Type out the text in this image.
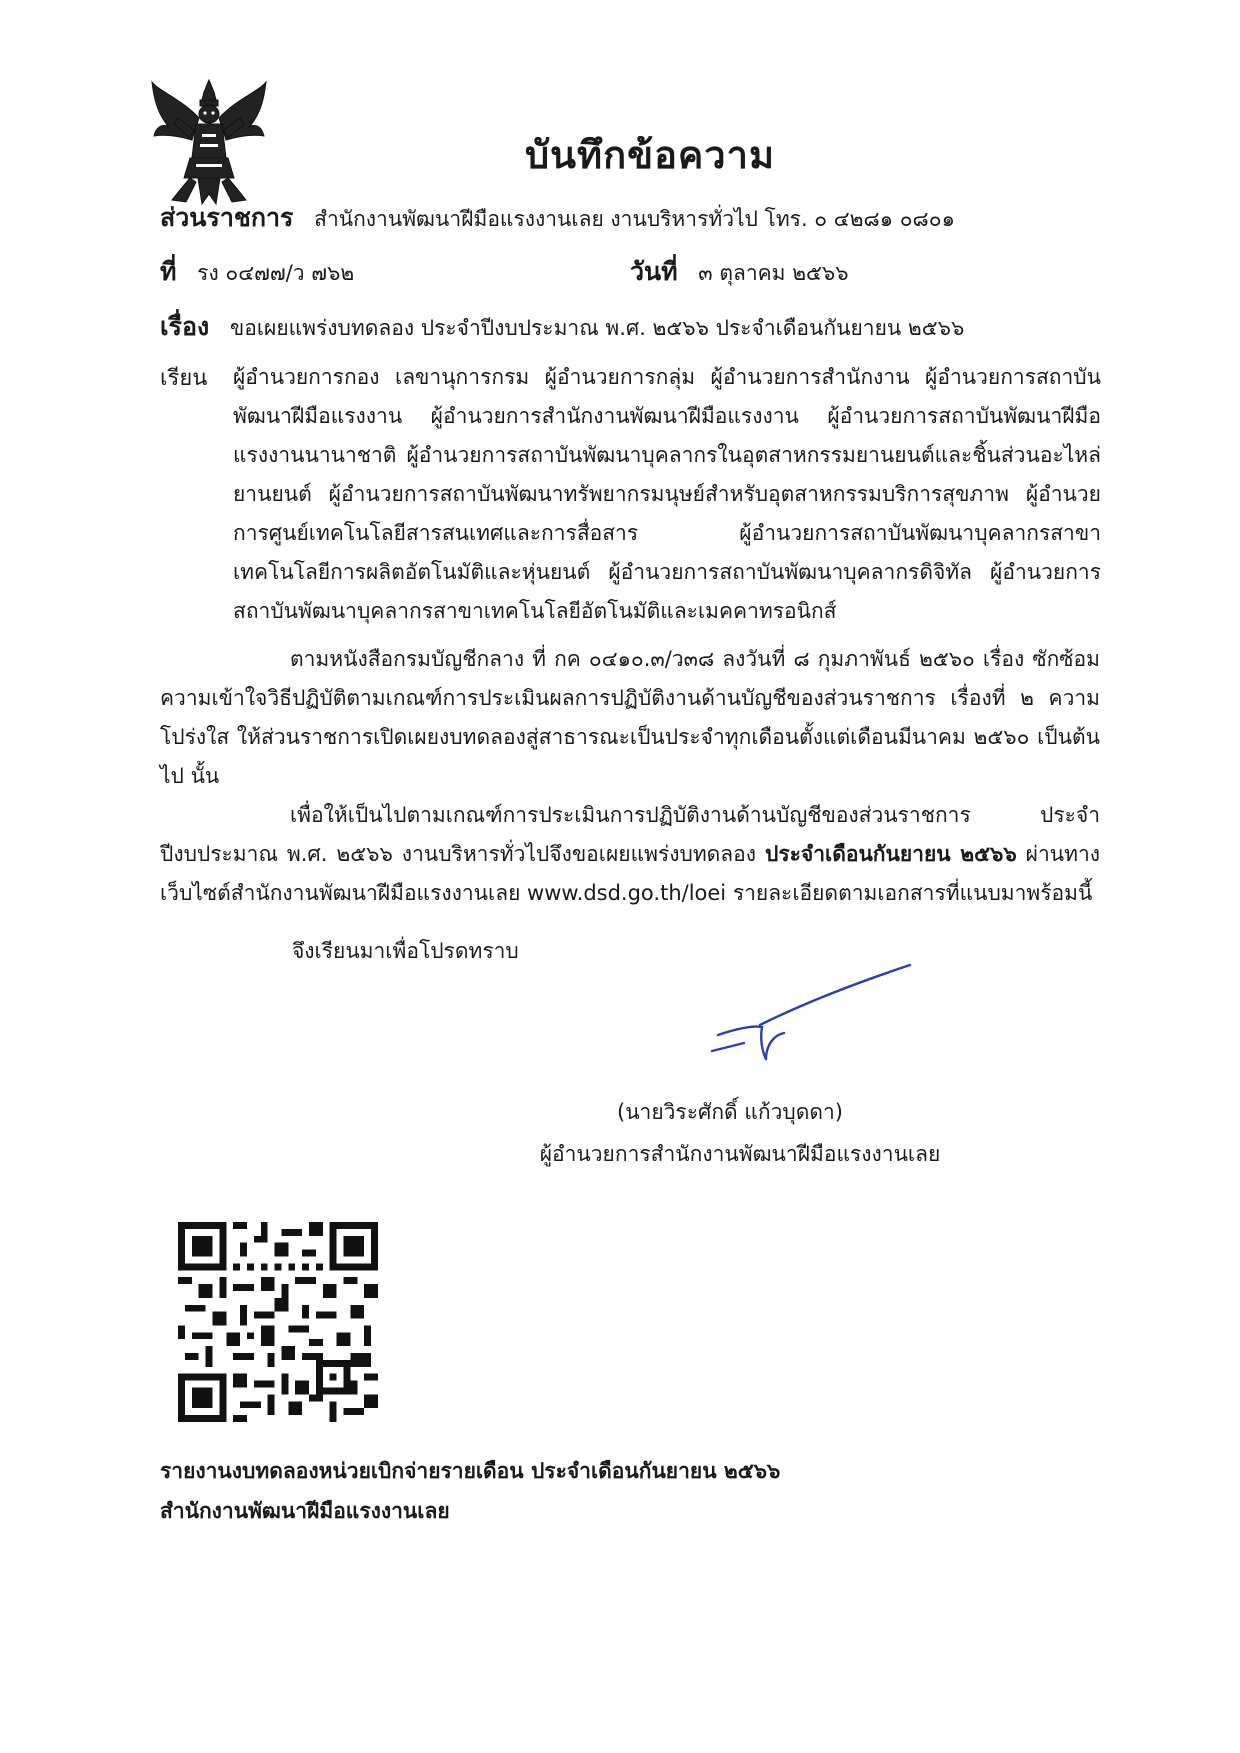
บันทึกข้อความ
ส่วนราชการ สำนักงานพัฒนาฝีมือแรงงานเลย งานบริหารทั่วไป โทร. ๐ ๔๒๘๑ ๐๘๐๑
ที่ รง ๐๔๗๗/ว ๗๖๒	วันที่ ๓ ตุลาคม ๒๕๖๖
เรื่อง ขอเผยแพร่งบทดลอง ประจำปีงบประมาณ พ.ศ. ๒๕๖๖ ประจำเดือนกันยายน ๒๕๖๖
เรียน ผู้อำนวยการกอง เลขานุการกรม ผู้อำนวยการกลุ่ม ผู้อำนวยการสำนักงาน ผู้อำนวยการสถาบันพัฒนาฝีมือแรงงาน ผู้อำนวยการสำนักงานพัฒนาฝีมือแรงงาน ผู้อำนวยการสถาบันพัฒนาฝีมือแรงงานนานาชาติ ผู้อำนวยการสถาบันพัฒนาบุคลากรในอุตสาหกรรมยานยนต์และชิ้นส่วนอะไหล่ยานยนต์ ผู้อำนวยการสถาบันพัฒนาทรัพยากรมนุษย์สำหรับอุตสาหกรรมบริการสุขภาพ ผู้อำนวยการศูนย์เทคโนโลยีสารสนเทศและการสื่อสาร ผู้อำนวยการสถาบันพัฒนาบุคลากรสาขาเทคโนโลยีการผลิตอัตโนมัติและหุ่นยนต์ ผู้อำนวยการสถาบันพัฒนาบุคลากรดิจิทัล ผู้อำนวยการสถาบันพัฒนาบุคลากรสาขาเทคโนโลยีอัตโนมัติและเมคคาทรอนิกส์
ตามหนังสือกรมบัญชีกลาง ที่ กค ๐๔๑๐.๓/ว๓๘ ลงวันที่ ๘ กุมภาพันธ์ ๒๕๖๐ เรื่อง ซักซ้อมความเข้าใจวิธีปฏิบัติตามเกณฑ์การประเมินผลการปฏิบัติงานด้านบัญชีของส่วนราชการ เรื่องที่ ๒ ความโปร่งใส ให้ส่วนราชการเปิดเผยงบทดลองสู่สาธารณะเป็นประจำทุกเดือนตั้งแต่เดือนมีนาคม ๒๕๖๐ เป็นต้นไป นั้น
เพื่อให้เป็นไปตามเกณฑ์การประเมินการปฏิบัติงานด้านบัญชีของส่วนราชการ ประจำปีงบประมาณ พ.ศ. ๒๕๖๖ งานบริหารทั่วไปจึงขอเผยแพร่งบทดลอง ประจำเดือนกันยายน ๒๕๖๖ ผ่านทางเว็บไซต์สำนักงานพัฒนาฝีมือแรงงานเลย www.dsd.go.th/loei รายละเอียดตามเอกสารที่แนบมาพร้อมนี้
จึงเรียนมาเพื่อโปรดทราบ
(นายวิระศักดิ์ แก้วบุดดา)
ผู้อำนวยการสำนักงานพัฒนาฝีมือแรงงานเลย
รายงานงบทดลองหน่วยเบิกจ่ายรายเดือน ประจำเดือนกันยายน ๒๕๖๖
สำนักงานพัฒนาฝีมือแรงงานเลย
